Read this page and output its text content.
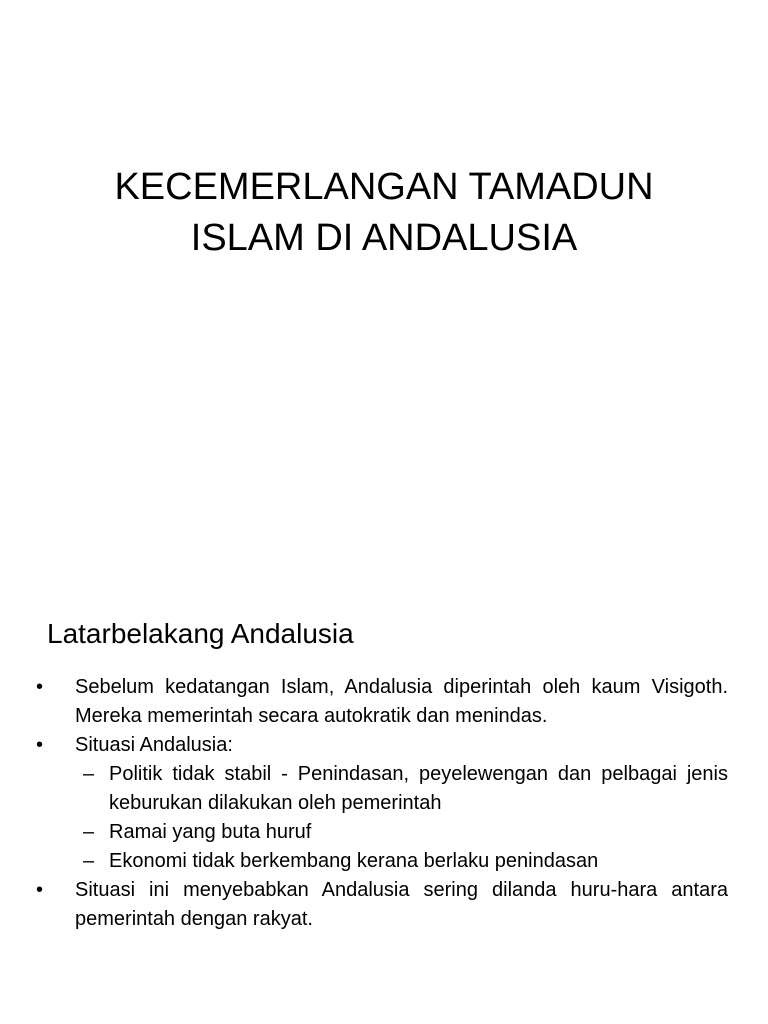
KECEMERLANGAN TAMADUN
ISLAM DI ANDALUSIA
Latarbelakang Andalusia
• Sebelum kedatangan Islam, Andalusia diperintah oleh kaum Visigoth. Mereka memerintah secara autokratik dan menindas.
• Situasi Andalusia:
– Politik tidak stabil - Penindasan, peyelewengan dan pelbagai jenis keburukan dilakukan oleh pemerintah
– Ramai yang buta huruf
– Ekonomi tidak berkembang kerana berlaku penindasan
• Situasi ini menyebabkan Andalusia sering dilanda huru-hara antara pemerintah dengan rakyat.
